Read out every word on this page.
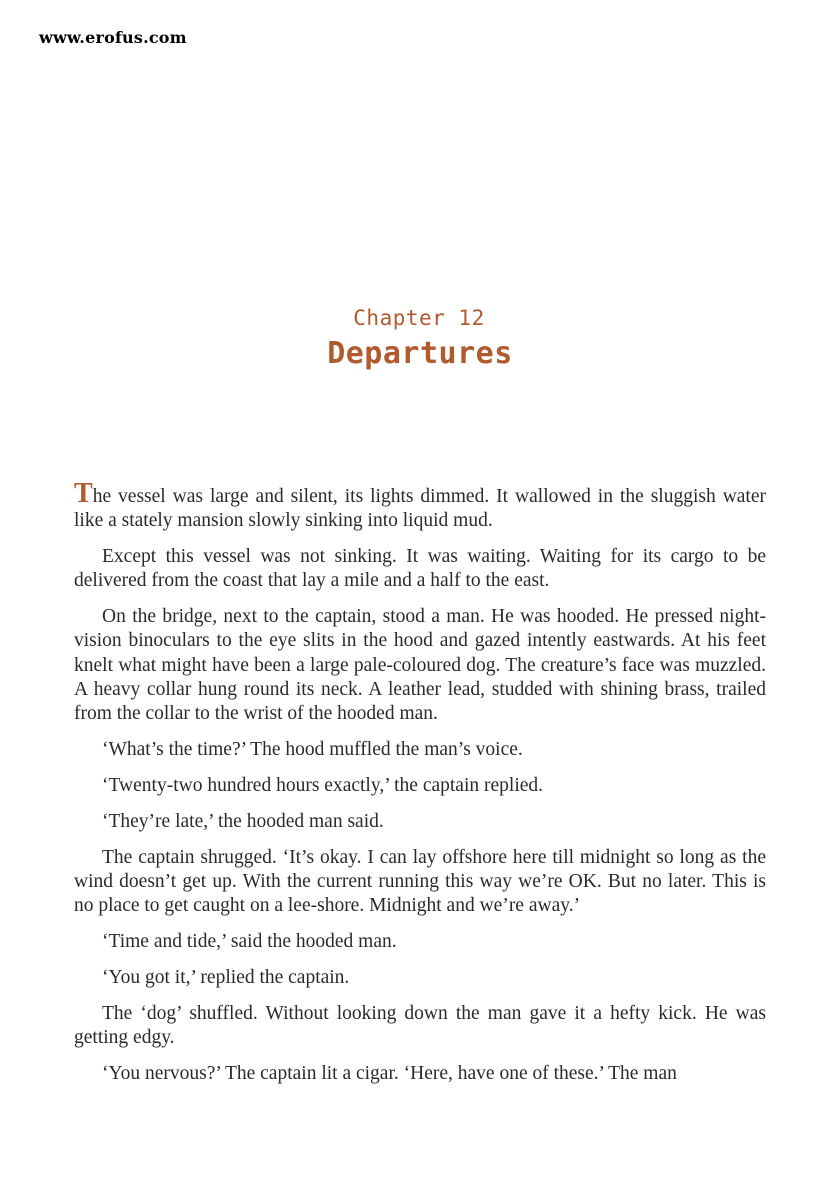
www.erofus.com
Chapter 12
Departures

The vessel was large and silent, its lights dimmed. It wallowed in the sluggish water like a stately mansion slowly sinking into liquid mud.

Except this vessel was not sinking. It was waiting. Waiting for its cargo to be delivered from the coast that lay a mile and a half to the east.

On the bridge, next to the captain, stood a man. He was hooded. He pressed night-vision binoculars to the eye slits in the hood and gazed intently eastwards. At his feet knelt what might have been a large pale-coloured dog. The creature’s face was muzzled. A heavy collar hung round its neck. A leather lead, studded with shining brass, trailed from the collar to the wrist of the hooded man.

‘What’s the time?’ The hood muffled the man’s voice.

‘Twenty-two hundred hours exactly,’ the captain replied.

‘They’re late,’ the hooded man said.

The captain shrugged. ‘It’s okay. I can lay offshore here till midnight so long as the wind doesn’t get up. With the current running this way we’re OK. But no later. This is no place to get caught on a lee-shore. Midnight and we’re away.’

‘Time and tide,’ said the hooded man.

‘You got it,’ replied the captain.

The ‘dog’ shuffled. Without looking down the man gave it a hefty kick. He was getting edgy.

‘You nervous?’ The captain lit a cigar. ‘Here, have one of these.’ The man
